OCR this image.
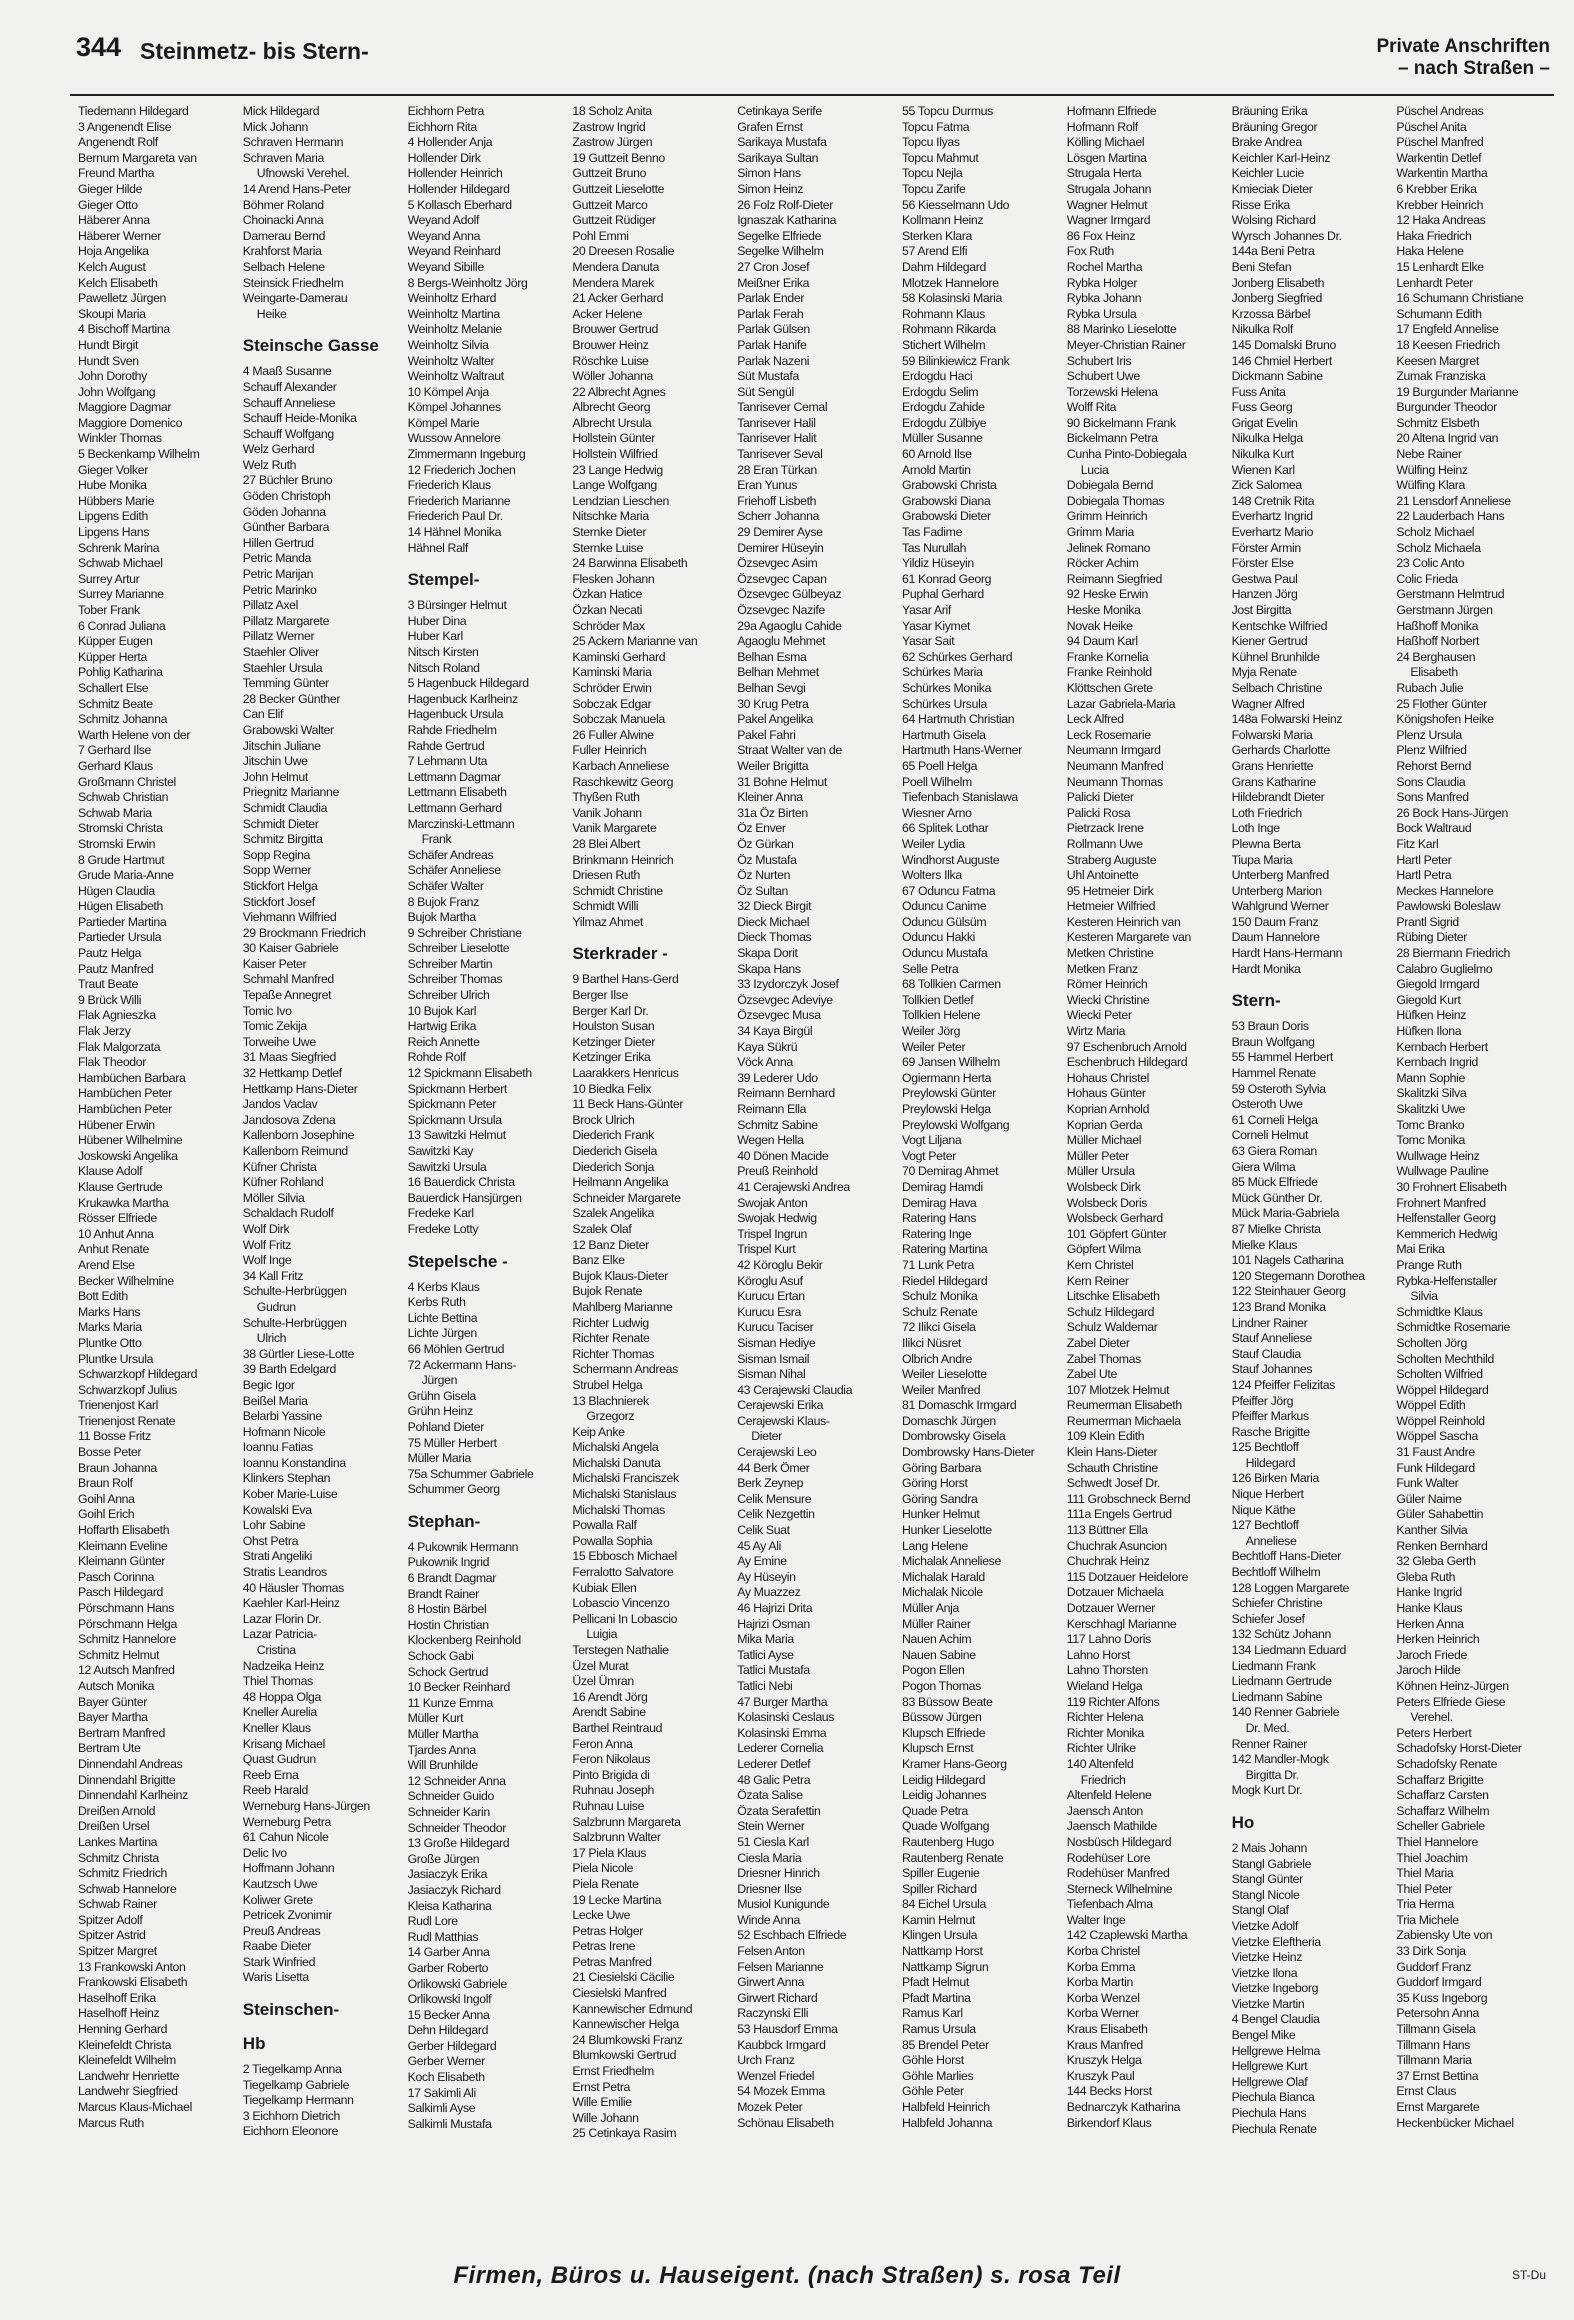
344 Steinmetz- bis Stern-	Private Anschriften
– nach Straßen –
Tiedemann Hildegard
3 Angenendt Elise
Angenendt Rolf
Bernum Margareta van
Freund Martha
Gieger Hilde
Gieger Otto
Häberer Anna
Häberer Werner
Hoja Angelika
Kelch August
Kelch Elisabeth
Pawelletz Jürgen
Skoupi Maria
4 Bischoff Martina
Hundt Birgit
Hundt Sven
John Dorothy
John Wolfgang
Maggiore Dagmar
Maggiore Domenico
Winkler Thomas
5 Beckenkamp Wilhelm
Gieger Volker
Hube Monika
Hübbers Marie
Lipgens Edith
Lipgens Hans
Schrenk Marina
Schwab Michael
Surrey Artur
Surrey Marianne
Tober Frank
6 Conrad Juliana
Küpper Eugen
Küpper Herta
Pohlig Katharina
Schallert Else
Schmitz Beate
Schmitz Johanna
Warth Helene von der
7 Gerhard Ilse
Gerhard Klaus
Großmann Christel
Schwab Christian
Schwab Maria
Stromski Christa
Stromski Erwin
8 Grude Hartmut
Grude Maria-Anne
Hügen Claudia
Hügen Elisabeth
Partieder Martina
Partieder Ursula
Pautz Helga
Pautz Manfred
Traut Beate
9 Brück Willi
Flak Agnieszka
Flak Jerzy
Flak Malgorzata
Flak Theodor
Hambüchen Barbara
Hambüchen Peter
Hambüchen Peter
Hübener Erwin
Hübener Wilhelmine
Joskowski Angelika
Klause Adolf
Klause Gertrude
Krukawka Martha
Rösser Elfriede
10 Anhut Anna
Anhut Renate
Arend Else
Becker Wilhelmine
Bott Edith
Marks Hans
Marks Maria
Pluntke Otto
Pluntke Ursula
Schwarzkopf Hildegard
Schwarzkopf Julius
Trienenjost Karl
Trienenjost Renate
11 Bosse Fritz
Bosse Peter
Braun Johanna
Braun Rolf
Goihl Anna
Goihl Erich
Hoffarth Elisabeth
Kleimann Eveline
Kleimann Günter
Pasch Corinna
Pasch Hildegard
Pörschmann Hans
Pörschmann Helga
Schmitz Hannelore
Schmitz Helmut
12 Autsch Manfred
Autsch Monika
Bayer Günter
Bayer Martha
Bertram Manfred
Bertram Ute
Dinnendahl Andreas
Dinnendahl Brigitte
Dinnendahl Karlheinz
Dreißen Arnold
Dreißen Ursel
Lankes Martina
Schmitz Christa
Schmitz Friedrich
Schwab Hannelore
Schwab Rainer
Spitzer Adolf
Spitzer Astrid
Spitzer Margret
13 Frankowski Anton
Frankowski Elisabeth
Haselhoff Erika
Haselhoff Heinz
Henning Gerhard
Kleinefeldt Christa
Kleinefeldt Wilhelm
Landwehr Henriette
Landwehr Siegfried
Marcus Klaus-Michael
Marcus Ruth
Mick Hildegard
Mick Johann
Schraven Hermann
Schraven Maria
Ufnowski Verehel.
14 Arend Hans-Peter
Böhmer Roland
Choinacki Anna
Damerau Bernd
Krahforst Maria
Selbach Helene
Steinsick Friedhelm
Weingarte-Damerau
Heike
Steinsche Gasse
4 Maaß Susanne
Schauff Alexander
Schauff Anneliese
Schauff Heide-Monika
Schauff Wolfgang
Welz Gerhard
Welz Ruth
27 Büchler Bruno
Göden Christoph
Göden Johanna
Günther Barbara
Hillen Gertrud
Petric Manda
Petric Marijan
Petric Marinko
Pillatz Axel
Pillatz Margarete
Pillatz Werner
Staehler Oliver
Staehler Ursula
Temming Günter
28 Becker Günther
Can Elif
Grabowski Walter
Jitschin Juliane
Jitschin Uwe
John Helmut
Priegnitz Marianne
Schmidt Claudia
Schmidt Dieter
Schmitz Birgitta
Sopp Regina
Sopp Werner
Stickfort Helga
Stickfort Josef
Viehmann Wilfried
29 Brockmann Friedrich
30 Kaiser Gabriele
Kaiser Peter
Schmahl Manfred
Tepaße Annegret
Tomic Ivo
Tomic Zekija
Torweihe Uwe
31 Maas Siegfried
32 Hettkamp Detlef
Hettkamp Hans-Dieter
Jandos Vaclav
Jandosova Zdena
Kallenborn Josephine
Kallenborn Reimund
Küfner Christa
Küfner Rohland
Möller Silvia
Schaldach Rudolf
Wolf Dirk
Wolf Fritz
Wolf Inge
34 Kall Fritz
Schulte-Herbrüggen
Gudrun
Schulte-Herbrüggen
Ulrich
38 Gürtler Liese-Lotte
39 Barth Edelgard
Begic Igor
Beißel Maria
Belarbi Yassine
Hofmann Nicole
Ioannu Fatias
Ioannu Konstandina
Klinkers Stephan
Kober Marie-Luise
Kowalski Eva
Lohr Sabine
Ohst Petra
Strati Angeliki
Stratis Leandros
40 Häusler Thomas
Kaehler Karl-Heinz
Lazar Florin Dr.
Lazar Patricia-
Cristina
Nadzeika Heinz
Thiel Thomas
48 Hoppa Olga
Kneller Aurelia
Kneller Klaus
Krisang Michael
Quast Gudrun
Reeb Erna
Reeb Harald
Werneburg Hans-Jürgen
Werneburg Petra
61 Cahun Nicole
Delic Ivo
Hoffmann Johann
Kautzsch Uwe
Koliwer Grete
Petricek Zvonimir
Preuß Andreas
Raabe Dieter
Stark Winfried
Waris Lisetta
Steinschen-
Hb
2 Tiegelkamp Anna
Tiegelkamp Gabriele
Tiegelkamp Hermann
3 Eichhorn Dietrich
Eichhorn Eleonore
Eichhorn Petra
Eichhorn Rita
4 Hollender Anja
Hollender Dirk
Hollender Heinrich
Hollender Hildegard
5 Kollasch Eberhard
Weyand Adolf
Weyand Anna
Weyand Reinhard
Weyand Sibille
8 Bergs-Weinholtz Jörg
Weinholtz Erhard
Weinholtz Martina
Weinholtz Melanie
Weinholtz Silvia
Weinholtz Walter
Weinholtz Waltraut
10 Kömpel Anja
Kömpel Johannes
Kömpel Marie
Wussow Annelore
Zimmermann Ingeburg
12 Friederich Jochen
Friederich Klaus
Friederich Marianne
Friederich Paul Dr.
14 Hähnel Monika
Hähnel Ralf
Stempel-
3 Bürsinger Helmut
Huber Dina
Huber Karl
Nitsch Kirsten
Nitsch Roland
5 Hagenbuck Hildegard
Hagenbuck Karlheinz
Hagenbuck Ursula
Rahde Friedhelm
Rahde Gertrud
7 Lehmann Uta
Lettmann Dagmar
Lettmann Elisabeth
Lettmann Gerhard
Marczinski-Lettmann
Frank
Schäfer Andreas
Schäfer Anneliese
Schäfer Walter
8 Bujok Franz
Bujok Martha
9 Schreiber Christiane
Schreiber Lieselotte
Schreiber Martin
Schreiber Thomas
Schreiber Ulrich
10 Bujok Karl
Hartwig Erika
Reich Annette
Rohde Rolf
12 Spickmann Elisabeth
Spickmann Herbert
Spickmann Peter
Spickmann Ursula
13 Sawitzki Helmut
Sawitzki Kay
Sawitzki Ursula
16 Bauerdick Christa
Bauerdick Hansjürgen
Fredeke Karl
Fredeke Lotty
Stepelsche -
4 Kerbs Klaus
Kerbs Ruth
Lichte Bettina
Lichte Jürgen
66 Möhlen Gertrud
72 Ackermann Hans-
Jürgen
Grühn Gisela
Grühn Heinz
Pohland Dieter
75 Müller Herbert
Müller Maria
75a Schummer Gabriele
Schummer Georg
Stephan-
4 Pukownik Hermann
Pukownik Ingrid
6 Brandt Dagmar
Brandt Rainer
8 Hostin Bärbel
Hostin Christian
Klockenberg Reinhold
Schock Gabi
Schock Gertrud
10 Becker Reinhard
11 Kunze Emma
Müller Kurt
Müller Martha
Tjardes Anna
Will Brunhilde
12 Schneider Anna
Schneider Guido
Schneider Karin
Schneider Theodor
13 Große Hildegard
Große Jürgen
Jasiaczyk Erika
Jasiaczyk Richard
Kleisa Katharina
Rudl Lore
Rudl Matthias
14 Garber Anna
Garber Roberto
Orlikowski Gabriele
Orlikowski Ingolf
15 Becker Anna
Dehn Hildegard
Gerber Hildegard
Gerber Werner
Koch Elisabeth
17 Sakimli Ali
Salkimli Ayse
Salkimli Mustafa
18 Scholz Anita
Zastrow Ingrid
Zastrow Jürgen
19 Guttzeit Benno
Guttzeit Bruno
Guttzeit Lieselotte
Guttzeit Marco
Guttzeit Rüdiger
Pohl Emmi
20 Dreesen Rosalie
Mendera Danuta
Mendera Marek
21 Acker Gerhard
Acker Helene
Brouwer Gertrud
Brouwer Heinz
Röschke Luise
Wöller Johanna
22 Albrecht Agnes
Albrecht Georg
Albrecht Ursula
Hollstein Günter
Hollstein Wilfried
23 Lange Hedwig
Lange Wolfgang
Lendzian Lieschen
Nitschke Maria
Sternke Dieter
Sternke Luise
24 Barwinna Elisabeth
Flesken Johann
Özkan Hatice
Özkan Necati
Schröder Max
25 Ackern Marianne van
Kaminski Gerhard
Kaminski Maria
Schröder Erwin
Sobczak Edgar
Sobczak Manuela
26 Fuller Alwine
Fuller Heinrich
Karbach Anneliese
Raschkewitz Georg
Thyßen Ruth
Vanik Johann
Vanik Margarete
28 Blei Albert
Brinkmann Heinrich
Driesen Ruth
Schmidt Christine
Schmidt Willi
Yilmaz Ahmet
Sterkrader -
9 Barthel Hans-Gerd
Berger Ilse
Berger Karl Dr.
Houlston Susan
Ketzinger Dieter
Ketzinger Erika
Laarakkers Henricus
10 Biedka Felix
11 Beck Hans-Günter
Brock Ulrich
Diederich Frank
Diederich Gisela
Diederich Sonja
Heilmann Angelika
Schneider Margarete
Szalek Angelika
Szalek Olaf
12 Banz Dieter
Banz Elke
Bujok Klaus-Dieter
Bujok Renate
Mahlberg Marianne
Richter Ludwig
Richter Renate
Richter Thomas
Schermann Andreas
Strubel Helga
13 Blachnierek
Grzegorz
Keip Anke
Michalski Angela
Michalski Danuta
Michalski Franciszek
Michalski Stanislaus
Michalski Thomas
Powalla Ralf
Powalla Sophia
15 Ebbosch Michael
Ferralotto Salvatore
Kubiak Ellen
Lobascio Vincenzo
Pellicani In Lobascio
Luigia
Terstegen Nathalie
Üzel Murat
Üzel Ümran
16 Arendt Jörg
Arendt Sabine
Barthel Reintraud
Feron Anna
Feron Nikolaus
Pinto Brigida di
Ruhnau Joseph
Ruhnau Luise
Salzbrunn Margareta
Salzbrunn Walter
17 Piela Klaus
Piela Nicole
Piela Renate
19 Lecke Martina
Lecke Uwe
Petras Holger
Petras Irene
Petras Manfred
21 Ciesielski Cäcilie
Ciesielski Manfred
Kannewischer Edmund
Kannewischer Helga
24 Blumkowski Franz
Blumkowski Gertrud
Ernst Friedhelm
Ernst Petra
Wille Emilie
Wille Johann
25 Cetinkaya Rasim
Cetinkaya Serife
Grafen Ernst
Sarikaya Mustafa
Sarikaya Sultan
Simon Hans
Simon Heinz
26 Folz Rolf-Dieter
Ignaszak Katharina
Segelke Elfriede
Segelke Wilhelm
27 Cron Josef
Meißner Erika
Parlak Ender
Parlak Ferah
Parlak Gülsen
Parlak Hanife
Parlak Nazeni
Süt Mustafa
Süt Sengül
Tanrisever Cemal
Tanrisever Halil
Tanrisever Halit
Tanrisever Seval
28 Eran Türkan
Eran Yunus
Friehoff Lisbeth
Scherr Johanna
29 Demirer Ayse
Demirer Hüseyin
Özsevgec Asim
Özsevgec Capan
Özsevgec Gülbeyaz
Özsevgec Nazife
29a Agaoglu Cahide
Agaoglu Mehmet
Belhan Esma
Belhan Mehmet
Belhan Sevgi
30 Krug Petra
Pakel Angelika
Pakel Fahri
Straat Walter van de
Weiler Brigitta
31 Bohne Helmut
Kleiner Anna
31a Öz Birten
Öz Enver
Öz Gürkan
Öz Mustafa
Öz Nurten
Öz Sultan
32 Dieck Birgit
Dieck Michael
Dieck Thomas
Skapa Dorit
Skapa Hans
33 Izydorczyk Josef
Özsevgec Adeviye
Özsevgec Musa
34 Kaya Birgül
Kaya Sükrü
Vöck Anna
39 Lederer Udo
Reimann Bernhard
Reimann Ella
Schmitz Sabine
Wegen Hella
40 Dönen Macide
Preuß Reinhold
41 Cerajewski Andrea
Swojak Anton
Swojak Hedwig
Trispel Ingrun
Trispel Kurt
42 Köroglu Bekir
Köroglu Asuf
Kurucu Ertan
Kurucu Esra
Kurucu Taciser
Sisman Hediye
Sisman Ismail
Sisman Nihal
43 Cerajewski Claudia
Cerajewski Erika
Cerajewski Klaus-
Dieter
Cerajewski Leo
44 Berk Ömer
Berk Zeynep
Celik Mensure
Celik Nezgettin
Celik Suat
45 Ay Ali
Ay Emine
Ay Hüseyin
Ay Muazzez
46 Hajrizi Drita
Hajrizi Osman
Mika Maria
Tatlici Ayse
Tatlici Mustafa
Tatlici Nebi
47 Burger Martha
Kolasinski Ceslaus
Kolasinski Emma
Lederer Cornelia
Lederer Detlef
48 Galic Petra
Özata Salise
Özata Serafettin
Stein Werner
51 Ciesla Karl
Ciesla Maria
Driesner Hinrich
Driesner Ilse
Musiol Kunigunde
Winde Anna
52 Eschbach Elfriede
Felsen Anton
Felsen Marianne
Girwert Anna
Girwert Richard
Raczynski Elli
53 Hausdorf Emma
Kaubbck Irmgard
Urch Franz
Wenzel Friedel
54 Mozek Emma
Mozek Peter
Schönau Elisabeth
55 Topcu Durmus
Topcu Fatma
Topcu Ilyas
Topcu Mahmut
Topcu Nejla
Topcu Zarife
56 Kiesselmann Udo
Kollmann Heinz
Sterken Klara
57 Arend Elfi
Dahm Hildegard
Mlotzek Hannelore
58 Kolasinski Maria
Rohmann Klaus
Rohmann Rikarda
Stichert Wilhelm
59 Bilinkiewicz Frank
Erdogdu Haci
Erdogdu Selim
Erdogdu Zahide
Erdogdu Zülbiye
Müller Susanne
60 Arnold Ilse
Arnold Martin
Grabowski Christa
Grabowski Diana
Grabowski Dieter
Tas Fadime
Tas Nurullah
Yildiz Hüseyin
61 Konrad Georg
Puphal Gerhard
Yasar Arif
Yasar Kiymet
Yasar Sait
62 Schürkes Gerhard
Schürkes Maria
Schürkes Monika
Schürkes Ursula
64 Hartmuth Christian
Hartmuth Gisela
Hartmuth Hans-Werner
65 Poell Helga
Poell Wilhelm
Tiefenbach Stanislawa
Wiesner Arno
66 Splitek Lothar
Weiler Lydia
Windhorst Auguste
Wolters Ilka
67 Oduncu Fatma
Oduncu Canime
Oduncu Gülsüm
Oduncu Hakki
Oduncu Mustafa
Selle Petra
68 Tollkien Carmen
Tollkien Detlef
Tollkien Helene
Weiler Jörg
Weiler Peter
69 Jansen Wilhelm
Ogiermann Herta
Preylowski Günter
Preylowski Helga
Preylowski Wolfgang
Vogt Liljana
Vogt Peter
70 Demirag Ahmet
Demirag Hamdi
Demirag Hava
Ratering Hans
Ratering Inge
Ratering Martina
71 Lunk Petra
Riedel Hildegard
Schulz Monika
Schulz Renate
72 Ilikci Gisela
Ilikci Nüsret
Olbrich Andre
Weiler Lieselotte
Weiler Manfred
81 Domaschk Irmgard
Domaschk Jürgen
Dombrowsky Gisela
Dombrowsky Hans-Dieter
Göring Barbara
Göring Horst
Göring Sandra
Hunker Helmut
Hunker Lieselotte
Lang Helene
Michalak Anneliese
Michalak Harald
Michalak Nicole
Müller Anja
Müller Rainer
Nauen Achim
Nauen Sabine
Pogon Ellen
Pogon Thomas
83 Büssow Beate
Büssow Jürgen
Klupsch Elfriede
Klupsch Ernst
Kramer Hans-Georg
Leidig Hildegard
Leidig Johannes
Quade Petra
Quade Wolfgang
Rautenberg Hugo
Rautenberg Renate
Spiller Eugenie
Spiller Richard
84 Eichel Ursula
Kamin Helmut
Klingen Ursula
Nattkamp Horst
Nattkamp Sigrun
Pfadt Helmut
Pfadt Martina
Ramus Karl
Ramus Ursula
85 Brendel Peter
Göhle Horst
Göhle Marlies
Göhle Peter
Halbfeld Heinrich
Halbfeld Johanna
Hofmann Elfriede
Hofmann Rolf
Kölling Michael
Lösgen Martina
Strugala Herta
Strugala Johann
Wagner Helmut
Wagner Irmgard
86 Fox Heinz
Fox Ruth
Rochel Martha
Rybka Holger
Rybka Johann
Rybka Ursula
88 Marinko Lieselotte
Meyer-Christian Rainer
Schubert Iris
Schubert Uwe
Torzewski Helena
Wolff Rita
90 Bickelmann Frank
Bickelmann Petra
Cunha Pinto-Dobiegala
Lucia
Dobiegala Bernd
Dobiegala Thomas
Grimm Heinrich
Grimm Maria
Jelinek Romano
Röcker Achim
Reimann Siegfried
92 Heske Erwin
Heske Monika
Novak Heike
94 Daum Karl
Franke Kornelia
Franke Reinhold
Klöttschen Grete
Lazar Gabriela-Maria
Leck Alfred
Leck Rosemarie
Neumann Irmgard
Neumann Manfred
Neumann Thomas
Palicki Dieter
Palicki Rosa
Pietrzack Irene
Rollmann Uwe
Straberg Auguste
Uhl Antoinette
95 Hetmeier Dirk
Hetmeier Wilfried
Kesteren Heinrich van
Kesteren Margarete van
Metken Christine
Metken Franz
Römer Heinrich
Wiecki Christine
Wiecki Peter
Wirtz Maria
97 Eschenbruch Arnold
Eschenbruch Hildegard
Hohaus Christel
Hohaus Günter
Koprian Arnhold
Koprian Gerda
Müller Michael
Müller Peter
Müller Ursula
Wolsbeck Dirk
Wolsbeck Doris
Wolsbeck Gerhard
101 Göpfert Günter
Göpfert Wilma
Kern Christel
Kern Reiner
Litschke Elisabeth
Schulz Hildegard
Schulz Waldemar
Zabel Dieter
Zabel Thomas
Zabel Ute
107 Mlotzek Helmut
Reumerman Elisabeth
Reumerman Michaela
109 Klein Edith
Klein Hans-Dieter
Schauth Christine
Schwedt Josef Dr.
111 Grobschneck Bernd
111a Engels Gertrud
113 Büttner Ella
Chuchrak Asuncion
Chuchrak Heinz
115 Dotzauer Heidelore
Dotzauer Michaela
Dotzauer Werner
Kerschhagl Marianne
117 Lahno Doris
Lahno Horst
Lahno Thorsten
Wieland Helga
119 Richter Alfons
Richter Helena
Richter Monika
Richter Ulrike
140 Altenfeld
Friedrich
Altenfeld Helene
Jaensch Anton
Jaensch Mathilde
Nosbüsch Hildegard
Rodehüser Lore
Rodehüser Manfred
Sterneck Wilhelmine
Tiefenbach Alma
Walter Inge
142 Czaplewski Martha
Korba Christel
Korba Emma
Korba Martin
Korba Wenzel
Korba Werner
Kraus Elisabeth
Kraus Manfred
Kruszyk Helga
Kruszyk Paul
144 Becks Horst
Bednarczyk Katharina
Birkendorf Klaus
Bräuning Erika
Bräuning Gregor
Brake Andrea
Keichler Karl-Heinz
Keichler Lucie
Kmieciak Dieter
Risse Erika
Wolsing Richard
Wyrsch Johannes Dr.
144a Beni Petra
Beni Stefan
Jonberg Elisabeth
Jonberg Siegfried
Krzossa Bärbel
Nikulka Rolf
145 Domalski Bruno
146 Chmiel Herbert
Dickmann Sabine
Fuss Anita
Fuss Georg
Grigat Evelin
Nikulka Helga
Nikulka Kurt
Wienen Karl
Zick Salomea
148 Cretnik Rita
Everhartz Ingrid
Everhartz Mario
Förster Armin
Förster Else
Gestwa Paul
Hanzen Jörg
Jost Birgitta
Kentschke Wilfried
Kiener Gertrud
Kühnel Brunhilde
Myja Renate
Selbach Christine
Wagner Alfred
148a Folwarski Heinz
Folwarski Maria
Gerhards Charlotte
Grans Henriette
Grans Katharine
Hildebrandt Dieter
Loth Friedrich
Loth Inge
Plewna Berta
Tiupa Maria
Unterberg Manfred
Unterberg Marion
Wahlgrund Werner
150 Daum Franz
Daum Hannelore
Hardt Hans-Hermann
Hardt Monika
Stern-
53 Braun Doris
Braun Wolfgang
55 Hammel Herbert
Hammel Renate
59 Osteroth Sylvia
Osteroth Uwe
61 Corneli Helga
Corneli Helmut
63 Giera Roman
Giera Wilma
85 Mück Elfriede
Mück Günther Dr.
Mück Maria-Gabriela
87 Mielke Christa
Mielke Klaus
101 Nagels Catharina
120 Stegemann Dorothea
122 Steinhauer Georg
123 Brand Monika
Lindner Rainer
Stauf Anneliese
Stauf Claudia
Stauf Johannes
124 Pfeiffer Felizitas
Pfeiffer Jörg
Pfeiffer Markus
Rasche Brigitte
125 Bechtloff
Hildegard
126 Birken Maria
Nique Herbert
Nique Käthe
127 Bechtloff
Anneliese
Bechtloff Hans-Dieter
Bechtloff Wilhelm
128 Loggen Margarete
Schiefer Christine
Schiefer Josef
132 Schütz Johann
134 Liedmann Eduard
Liedmann Frank
Liedmann Gertrude
Liedmann Sabine
140 Renner Gabriele
Dr. Med.
Renner Rainer
142 Mandler-Mogk
Birgitta Dr.
Mogk Kurt Dr.
Ho
2 Mais Johann
Stangl Gabriele
Stangl Günter
Stangl Nicole
Stangl Olaf
Vietzke Adolf
Vietzke Eleftheria
Vietzke Heinz
Vietzke Ilona
Vietzke Ingeborg
Vietzke Martin
4 Bengel Claudia
Bengel Mike
Hellgrewe Helma
Hellgrewe Kurt
Hellgrewe Olaf
Piechula Bianca
Piechula Hans
Piechula Renate
Püschel Andreas
Püschel Anita
Püschel Manfred
Warkentin Detlef
Warkentin Martha
6 Krebber Erika
Krebber Heinrich
12 Haka Andreas
Haka Friedrich
Haka Helene
15 Lenhardt Elke
Lenhardt Peter
16 Schumann Christiane
Schumann Edith
17 Engfeld Annelise
18 Keesen Friedrich
Keesen Margret
Zumak Franziska
19 Burgunder Marianne
Burgunder Theodor
Schmitz Elsbeth
20 Altena Ingrid van
Nebe Rainer
Wülfing Heinz
Wülfing Klara
21 Lensdorf Anneliese
22 Lauderbach Hans
Scholz Michael
Scholz Michaela
23 Colic Anto
Colic Frieda
Gerstmann Helmtrud
Gerstmann Jürgen
Haßhoff Monika
Haßhoff Norbert
24 Berghausen
Elisabeth
Rubach Julie
25 Flother Günter
Königshofen Heike
Plenz Ursula
Plenz Wilfried
Rehorst Bernd
Sons Claudia
Sons Manfred
26 Bock Hans-Jürgen
Bock Waltraud
Fitz Karl
Hartl Peter
Hartl Petra
Meckes Hannelore
Pawlowski Boleslaw
Prantl Sigrid
Rübing Dieter
28 Biermann Friedrich
Calabro Guglielmo
Giegold Irmgard
Giegold Kurt
Hüfken Heinz
Hüfken Ilona
Kernbach Herbert
Kernbach Ingrid
Mann Sophie
Skalitzki Silva
Skalitzki Uwe
Tomc Branko
Tomc Monika
Wullwage Heinz
Wullwage Pauline
30 Frohnert Elisabeth
Frohnert Manfred
Helfenstaller Georg
Kemmerich Hedwig
Mai Erika
Prange Ruth
Rybka-Helfenstaller
Silvia
Schmidtke Klaus
Schmidtke Rosemarie
Scholten Jörg
Scholten Mechthild
Scholten Wilfried
Wöppel Hildegard
Wöppel Edith
Wöppel Reinhold
Wöppel Sascha
31 Faust Andre
Funk Hildegard
Funk Walter
Güler Naime
Güler Sahabettin
Kanther Silvia
Renken Bernhard
32 Gleba Gerth
Gleba Ruth
Hanke Ingrid
Hanke Klaus
Herken Anna
Herken Heinrich
Jaroch Friede
Jaroch Hilde
Köhnen Heinz-Jürgen
Peters Elfriede Giese
Verehel.
Peters Herbert
Schadofsky Horst-Dieter
Schadofsky Renate
Schaffarz Brigitte
Schaffarz Carsten
Schaffarz Wilhelm
Scheller Gabriele
Thiel Hannelore
Thiel Joachim
Thiel Maria
Thiel Peter
Tria Herma
Tria Michele
Zabiensky Ute von
33 Dirk Sonja
Guddorf Franz
Guddorf Irmgard
35 Kuss Ingeborg
Petersohn Anna
Tillmann Gisela
Tillmann Hans
Tillmann Maria
37 Ernst Bettina
Ernst Claus
Ernst Margarete
Heckenbücker Michael
Firmen, Büros u. Hauseigent. (nach Straßen) s. rosa Teil	ST-Du
